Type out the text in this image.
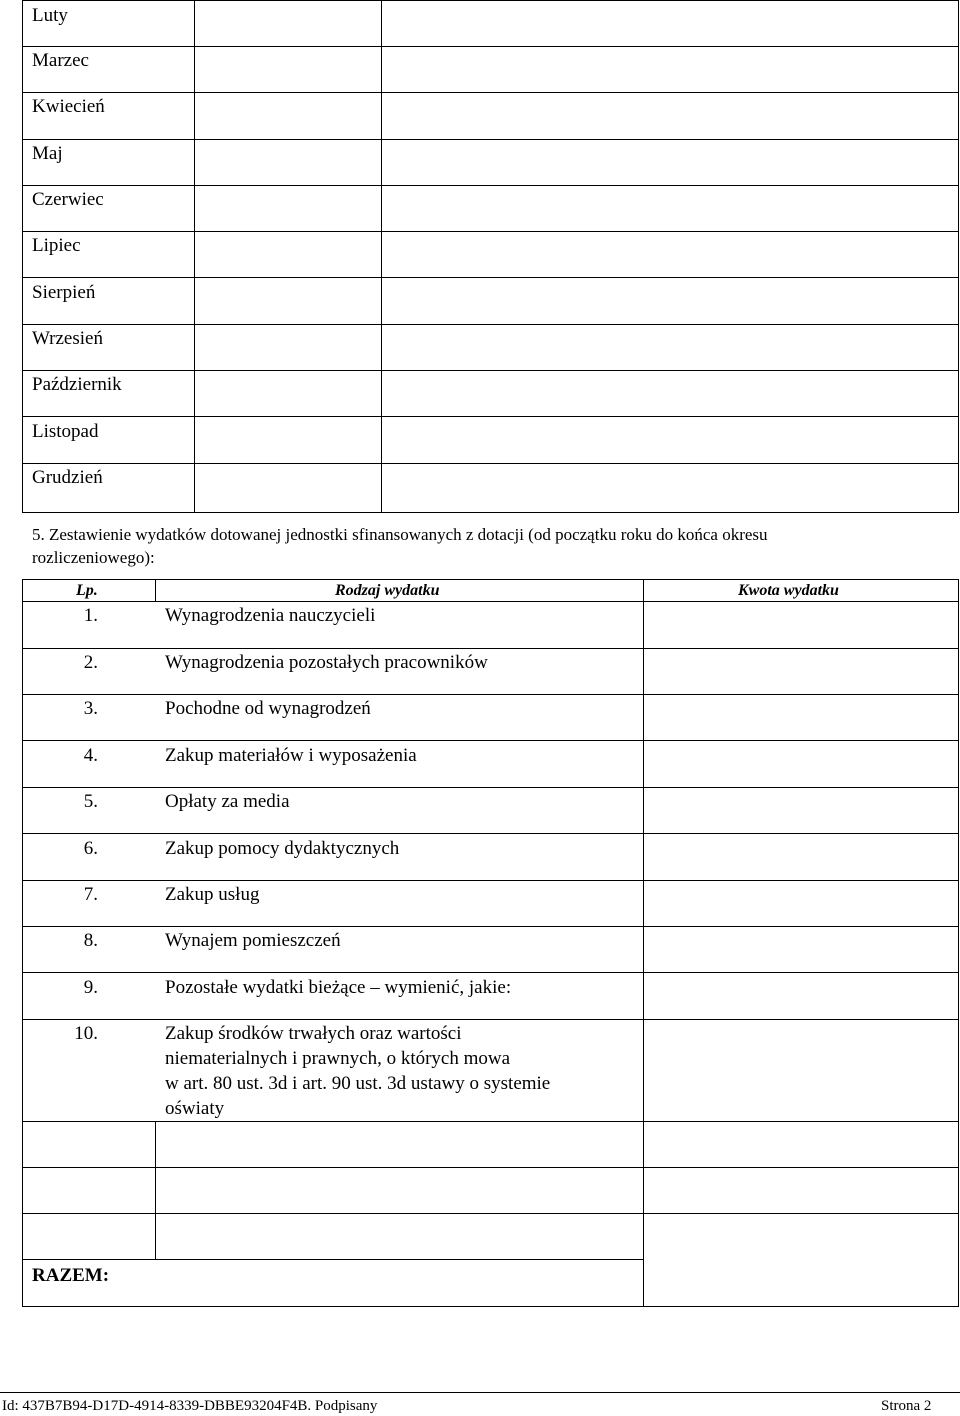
Luty
Marzec
Kwiecień
Maj
Czerwiec
Lipiec
Sierpień
Wrzesień
Październik
Listopad
Grudzień
5. Zestawienie wydatków dotowanej jednostki sfinansowanych z dotacji (od początku roku do końca okresu
rozliczeniowego):
Lp.	Rodzaj wydatku	Kwota wydatku
1.	Wynagrodzenia nauczycieli
2.	Wynagrodzenia pozostałych pracowników
3.	Pochodne od wynagrodzeń
4.	Zakup materiałów i wyposażenia
5.	Opłaty za media
6.	Zakup pomocy dydaktycznych
7.	Zakup usług
8.	Wynajem pomieszczeń
9.	Pozostałe wydatki bieżące – wymienić, jakie:
10.	Zakup środków trwałych oraz wartości
niematerialnych i prawnych, o których mowa
w art. 80 ust. 3d i art. 90 ust. 3d ustawy o systemie
oświaty
RAZEM:
Id: 437B7B94-D17D-4914-8339-DBBE93204F4B. Podpisany	Strona 2
